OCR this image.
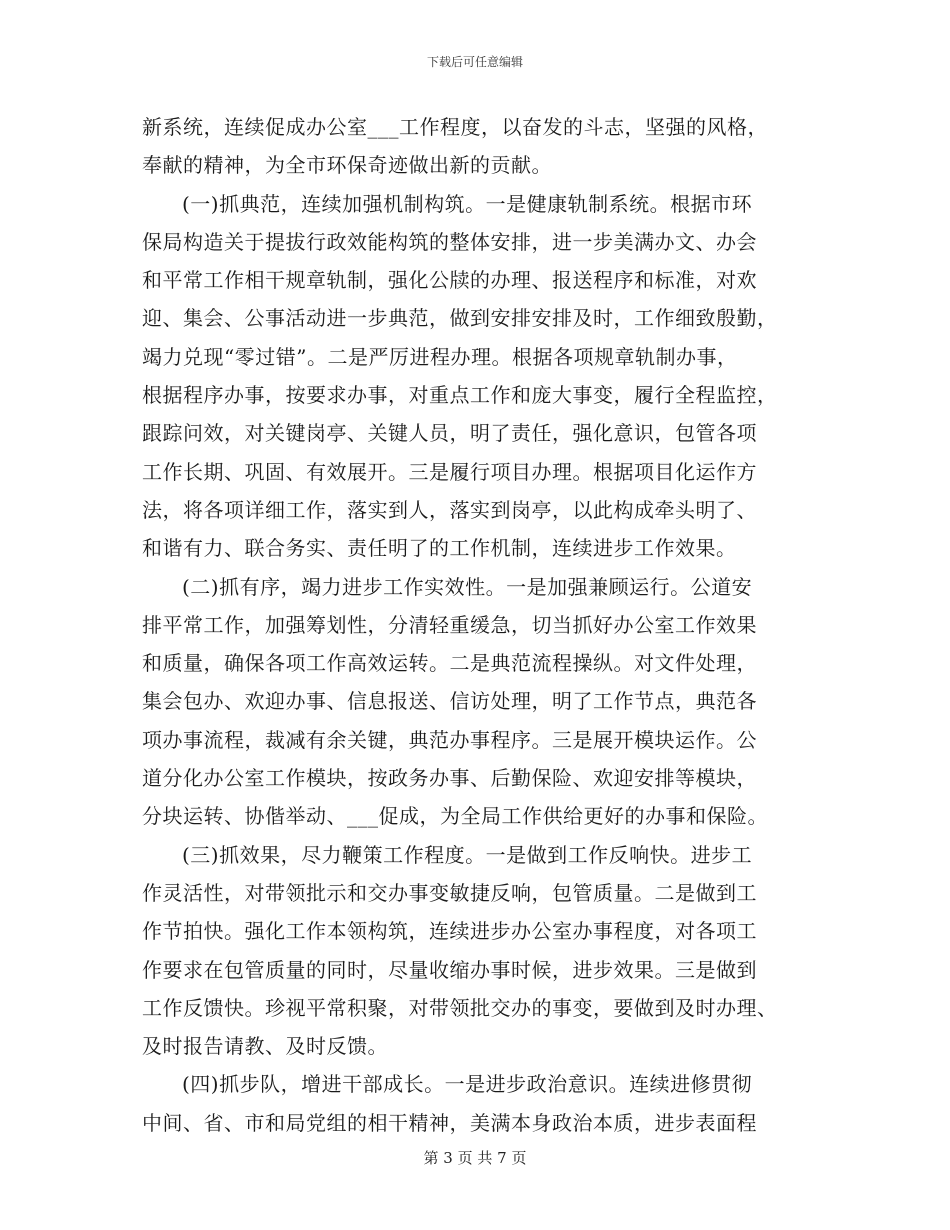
下载后可任意编辑
新系统，连续促成办公室___工作程度，以奋发的斗志，坚强的风格，
奉献的精神，为全市环保奇迹做出新的贡献。
(一)抓典范，连续加强机制构筑。一是健康轨制系统。根据市环
保局构造关于提拔行政效能构筑的整体安排，进一步美满办文、办会
和平常工作相干规章轨制，强化公牍的办理、报送程序和标准，对欢
迎、集会、公事活动进一步典范，做到安排安排及时，工作细致殷勤，
竭力兑现“零过错”。二是严厉进程办理。根据各项规章轨制办事，
根据程序办事，按要求办事，对重点工作和庞大事变，履行全程监控，
跟踪问效，对关键岗亭、关键人员，明了责任，强化意识，包管各项
工作长期、巩固、有效展开。三是履行项目办理。根据项目化运作方
法，将各项详细工作，落实到人，落实到岗亭，以此构成牵头明了、
和谐有力、联合务实、责任明了的工作机制，连续进步工作效果。
(二)抓有序，竭力进步工作实效性。一是加强兼顾运行。公道安
排平常工作，加强筹划性，分清轻重缓急，切当抓好办公室工作效果
和质量，确保各项工作高效运转。二是典范流程操纵。对文件处理，
集会包办、欢迎办事、信息报送、信访处理，明了工作节点，典范各
项办事流程，裁减有余关键，典范办事程序。三是展开模块运作。公
道分化办公室工作模块，按政务办事、后勤保险、欢迎安排等模块，
分块运转、协偕举动、___促成，为全局工作供给更好的办事和保险。
(三)抓效果，尽力鞭策工作程度。一是做到工作反响快。进步工
作灵活性，对带领批示和交办事变敏捷反响，包管质量。二是做到工
作节拍快。强化工作本领构筑，连续进步办公室办事程度，对各项工
作要求在包管质量的同时，尽量收缩办事时候，进步效果。三是做到
工作反馈快。珍视平常积聚，对带领批交办的事变，要做到及时办理、
及时报告请教、及时反馈。
(四)抓步队，增进干部成长。一是进步政治意识。连续进修贯彻
中间、省、市和局党组的相干精神，美满本身政治本质，进步表面程
第 3 页 共 7 页
